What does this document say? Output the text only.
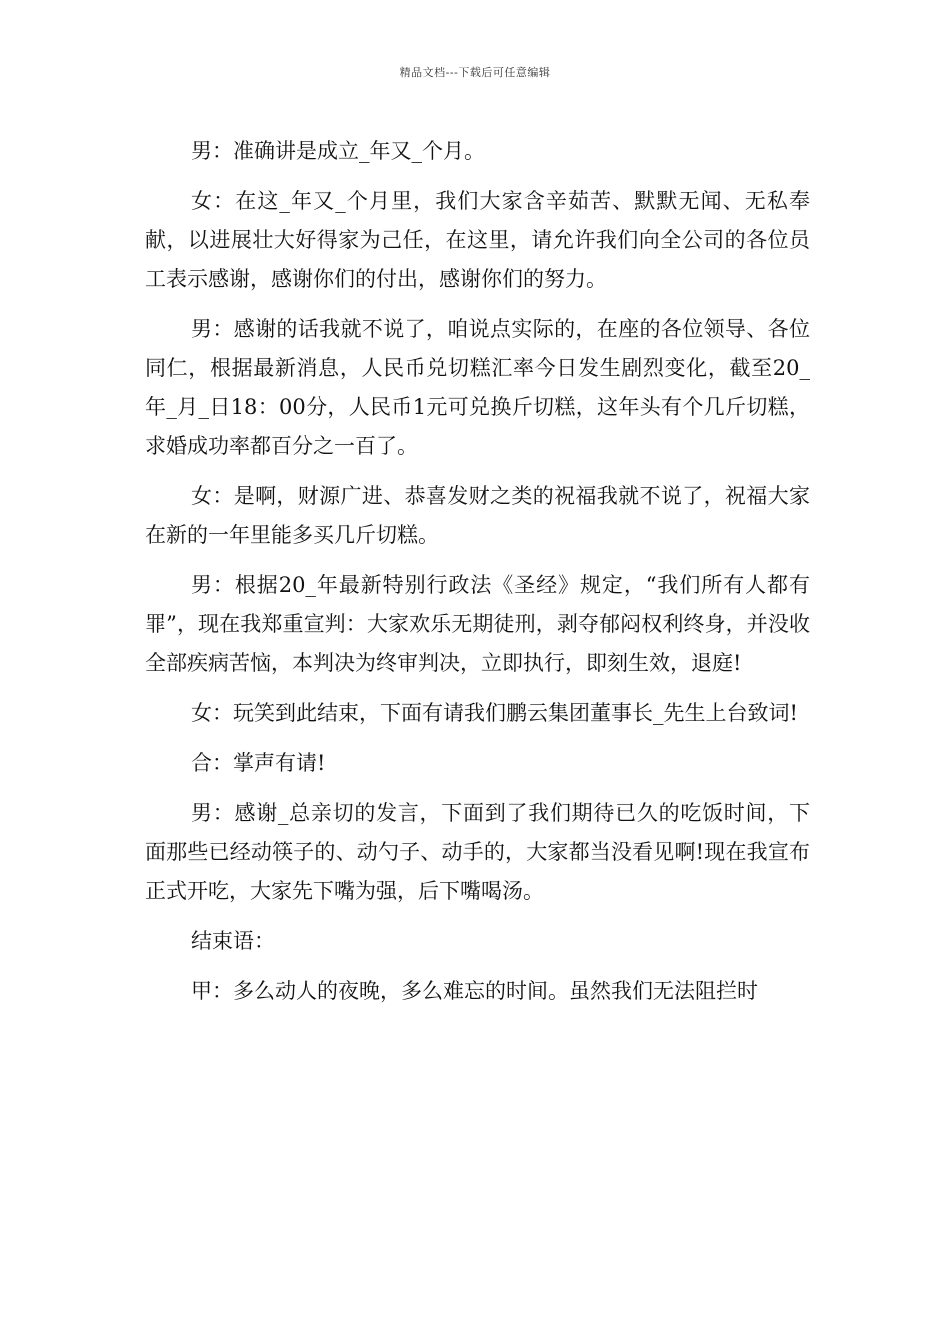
精品文档---下载后可任意编辑

男：准确讲是成立_年又_个月。

女：在这_年又_个月里，我们大家含辛茹苦、默默无闻、无私奉献，以进展壮大好得家为己任，在这里，请允许我们向全公司的各位员工表示感谢，感谢你们的付出，感谢你们的努力。

男：感谢的话我就不说了，咱说点实际的，在座的各位领导、各位同仁，根据最新消息，人民币兑切糕汇率今日发生剧烈变化，截至20_年_月_日18：00分，人民币1元可兑换斤切糕，这年头有个几斤切糕，求婚成功率都百分之一百了。

女：是啊，财源广进、恭喜发财之类的祝福我就不说了，祝福大家在新的一年里能多买几斤切糕。

男：根据20_年最新特别行政法《圣经》规定，“我们所有人都有罪”，现在我郑重宣判：大家欢乐无期徒刑，剥夺郁闷权利终身，并没收全部疾病苦恼，本判决为终审判决，立即执行，即刻生效，退庭!

女：玩笑到此结束，下面有请我们鹏云集团董事长_先生上台致词!

合：掌声有请!

男：感谢_总亲切的发言，下面到了我们期待已久的吃饭时间，下面那些已经动筷子的、动勺子、动手的，大家都当没看见啊!现在我宣布正式开吃，大家先下嘴为强，后下嘴喝汤。

结束语：

甲：多么动人的夜晚，多么难忘的时间。虽然我们无法阻拦时
